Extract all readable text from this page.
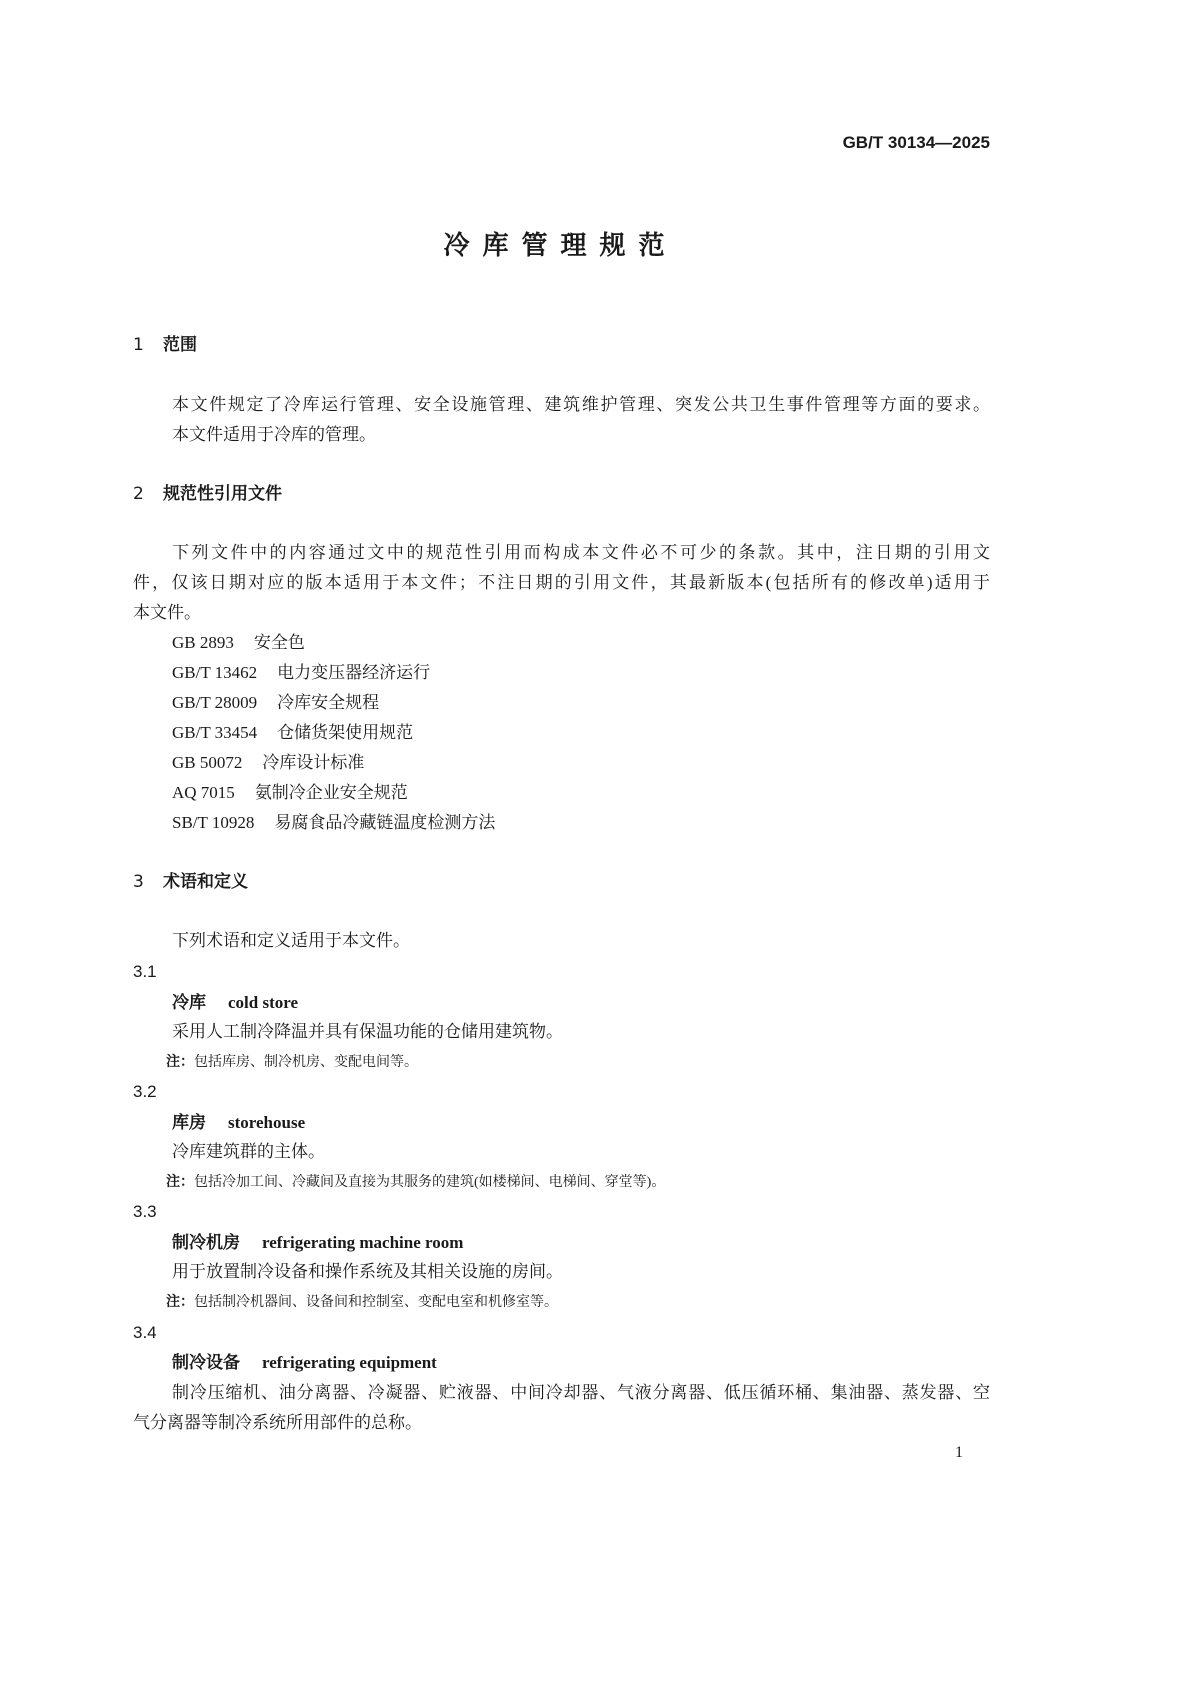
GB/T 30134—2025
冷库管理规范
1 范围
本文件规定了冷库运行管理、安全设施管理、建筑维护管理、突发公共卫生事件管理等方面的要求。
本文件适用于冷库的管理。
2 规范性引用文件
下列文件中的内容通过文中的规范性引用而构成本文件必不可少的条款。其中，注日期的引用文
件，仅该日期对应的版本适用于本文件；不注日期的引用文件，其最新版本(包括所有的修改单)适用于
本文件。
GB 2893 安全色
GB/T 13462 电力变压器经济运行
GB/T 28009 冷库安全规程
GB/T 33454 仓储货架使用规范
GB 50072 冷库设计标准
AQ 7015 氨制冷企业安全规范
SB/T 10928 易腐食品冷藏链温度检测方法
3 术语和定义
下列术语和定义适用于本文件。
3.1
冷库 cold store
采用人工制冷降温并具有保温功能的仓储用建筑物。
注：包括库房、制冷机房、变配电间等。
3.2
库房 storehouse
冷库建筑群的主体。
注：包括冷加工间、冷藏间及直接为其服务的建筑(如楼梯间、电梯间、穿堂等)。
3.3
制冷机房 refrigerating machine room
用于放置制冷设备和操作系统及其相关设施的房间。
注：包括制冷机器间、设备间和控制室、变配电室和机修室等。
3.4
制冷设备 refrigerating equipment
制冷压缩机、油分离器、冷凝器、贮液器、中间冷却器、气液分离器、低压循环桶、集油器、蒸发器、空
气分离器等制冷系统所用部件的总称。
1
